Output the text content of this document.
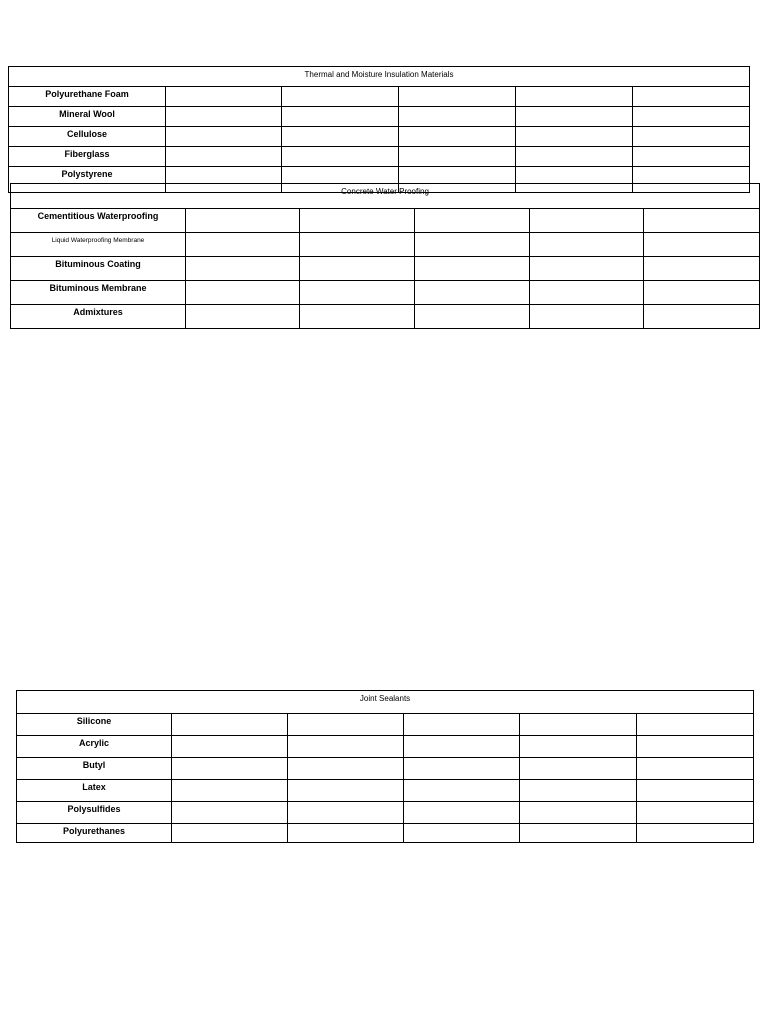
Thermal and Moisture Insulation Materials					
Polyurethane Foam					
Mineral Wool					
Cellulose					
Fiberglass					
Polystyrene					
Concrete Water Proofing					
Cementitious Waterproofing					
Liquid Waterproofing Membrane					
Bituminous Coating					
Bituminous Membrane					
Admixtures					
Joint Sealants					
Silicone					
Acrylic					
Butyl					
Latex					
Polysulfides					
Polyurethanes					
